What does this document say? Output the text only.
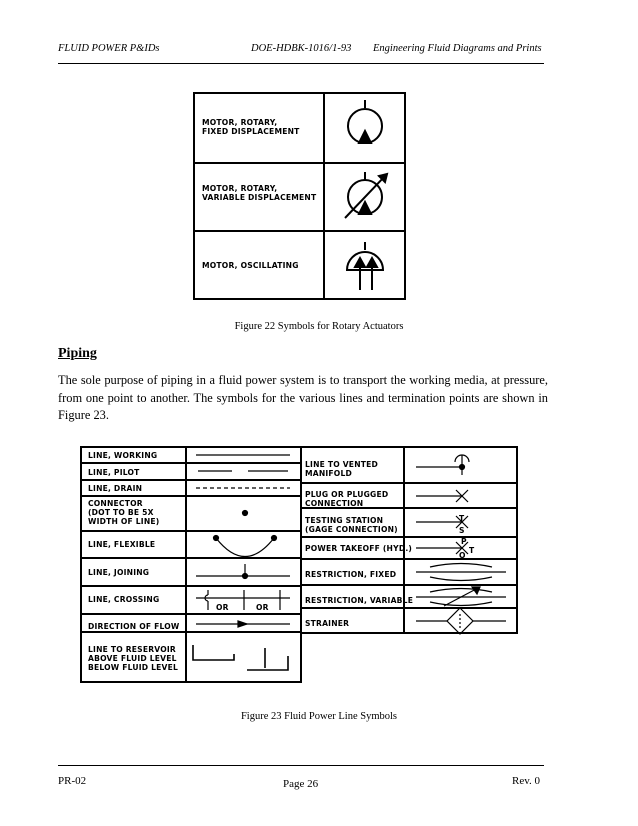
FLUID POWER P&IDs	DOE-HDBK-1016/1-93 Engineering Fluid Diagrams and Prints
MOTOR, ROTARY,
FIXED DISPLACEMENT
MOTOR, ROTARY,
VARIABLE DISPLACEMENT
MOTOR, OSCILLATING
Figure 22 Symbols for Rotary Actuators
Piping
The sole purpose of piping in a fluid power system is to transport the working media, at pressure, from one point to another. The symbols for the various lines and termination points are shown in Figure 23.
LINE, WORKING
LINE, PILOT
LINE, DRAIN
CONNECTOR
(DOT TO BE 5X
WIDTH OF LINE)
LINE, FLEXIBLE
LINE, JOINING
LINE, CROSSING
DIRECTION OF FLOW
LINE TO RESERVOIR
ABOVE FLUID LEVEL
BELOW FLUID LEVEL
LINE TO VENTED
MANIFOLD
PLUG OR PLUGGED
CONNECTION
TESTING STATION
(GAGE CONNECTION)
POWER TAKEOFF (HYD.)
RESTRICTION, FIXED
RESTRICTION, VARIABLE
STRAINER
OR	OR
T
S
P
O
T
Figure 23 Fluid Power Line Symbols
PR-02	Page 26	Rev. 0
